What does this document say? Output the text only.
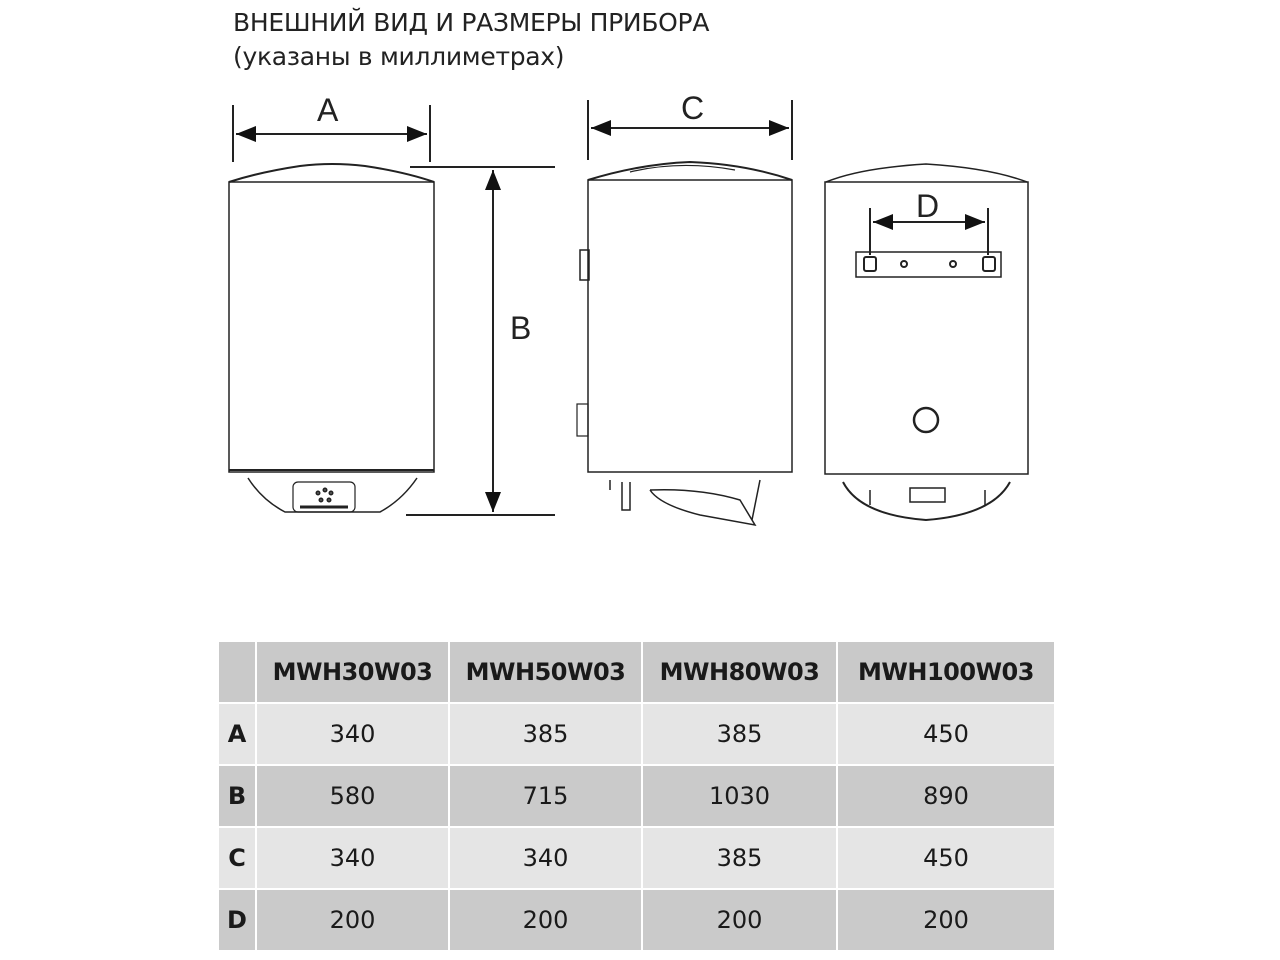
ВНЕШНИЙ ВИД И РАЗМЕРЫ ПРИБОРА
(указаны в миллиметрах)
A
B
C
D
	MWH30W03	MWH50W03	MWH80W03	MWH100W03
A	340	385	385	450
B	580	715	1030	890
C	340	340	385	450
D	200	200	200	200
